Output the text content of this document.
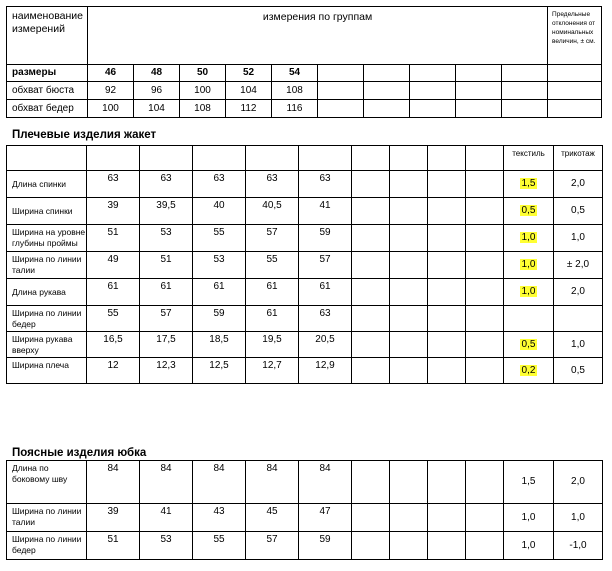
наименование измерений	измерения по группам										Предельные отклонения от номинальных величин, ± см.
размеры	46	48	50	52	54						
обхват бюста	92	96	100	104	108						
обхват бедер	100	104	108	112	116						
Плечевые изделия жакет
										текстиль	трикотаж
Длина спинки	63	63	63	63	63					1,5	2,0
Ширина спинки	39	39,5	40	40,5	41					0,5	0,5
Ширина на уровне глубины проймы	51	53	55	57	59					1,0	1,0
Ширина по линии талии	49	51	53	55	57					1,0	± 2,0
Длина рукава	61	61	61	61	61					1,0	2,0
Ширина по линии бедер	55	57	59	61	63						
Ширина рукава вверху	16,5	17,5	18,5	19,5	20,5					0,5	1,0
Ширина плеча	12	12,3	12,5	12,7	12,9					0,2	0,5
Поясные изделия юбка
Длина по боковому шву	84	84	84	84	84					1,5	2,0
Ширина по линии талии	39	41	43	45	47					1,0	1,0
Ширина по линии бедер	51	53	55	57	59					1,0	-1,0
